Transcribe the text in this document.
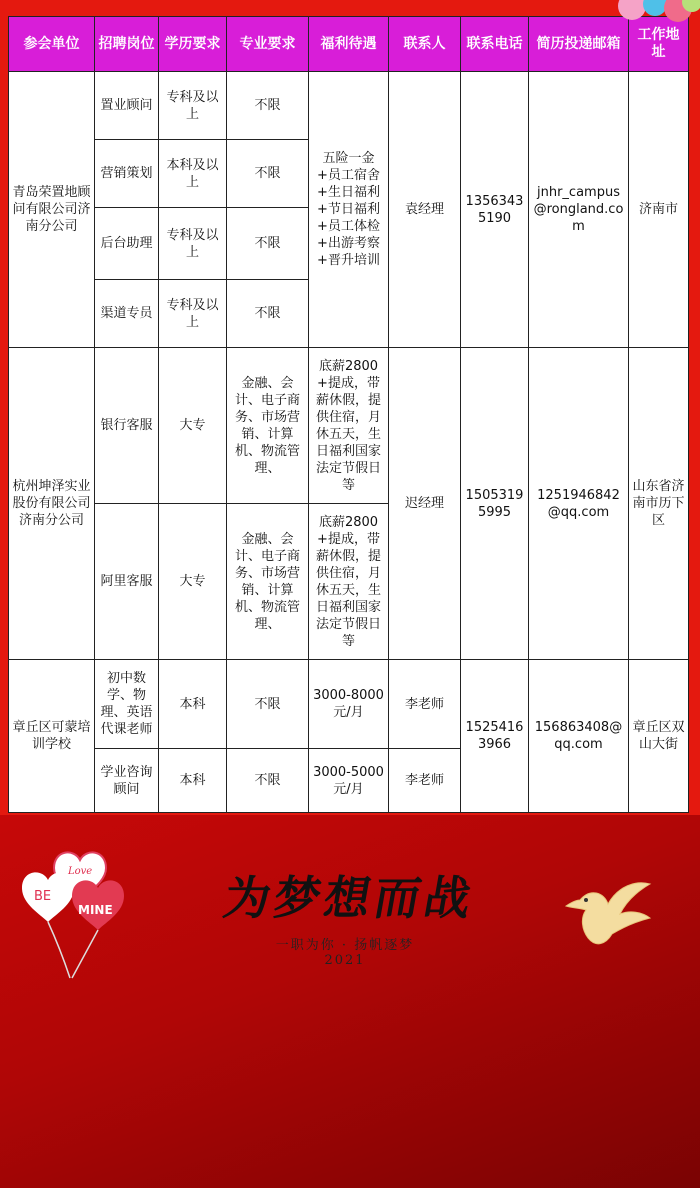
参会单位	招聘岗位	学历要求	专业要求	福利待遇	联系人	联系电话	简历投递邮箱	工作地址
青岛荣置地顾问有限公司济南分公司	置业顾问	专科及以上	不限	五险一金+员工宿舍+生日福利+节日福利+员工体检+出游考察+晋升培训	袁经理	13563435190	jnhr_campus@rongland.com	济南市
	营销策划	本科及以上	不限					
	后台助理	专科及以上	不限					
	渠道专员	专科及以上	不限					
杭州坤泽实业股份有限公司济南分公司	银行客服	大专	金融、会计、电子商务、市场营销、计算机、物流管理、	底薪2800+提成，带薪休假，提供住宿，月休五天，生日福利国家法定节假日等	迟经理	15053195995	1251946842@qq.com	山东省济南市历下区
	阿里客服	大专	金融、会计、电子商务、市场营销、计算机、物流管理、	底薪2800+提成，带薪休假，提供住宿，月休五天，生日福利国家法定节假日等				
章丘区可蒙培训学校	初中数学、物理、英语代课老师	本科	不限	3000-8000元/月	李老师	15254163966	156863408@qq.com	章丘区双山大街
	学业咨询顾问	本科	不限	3000-5000元/月	李老师			
BE
MINE
Love	为梦想而战
一职为你 · 扬帆逐梦
2021
